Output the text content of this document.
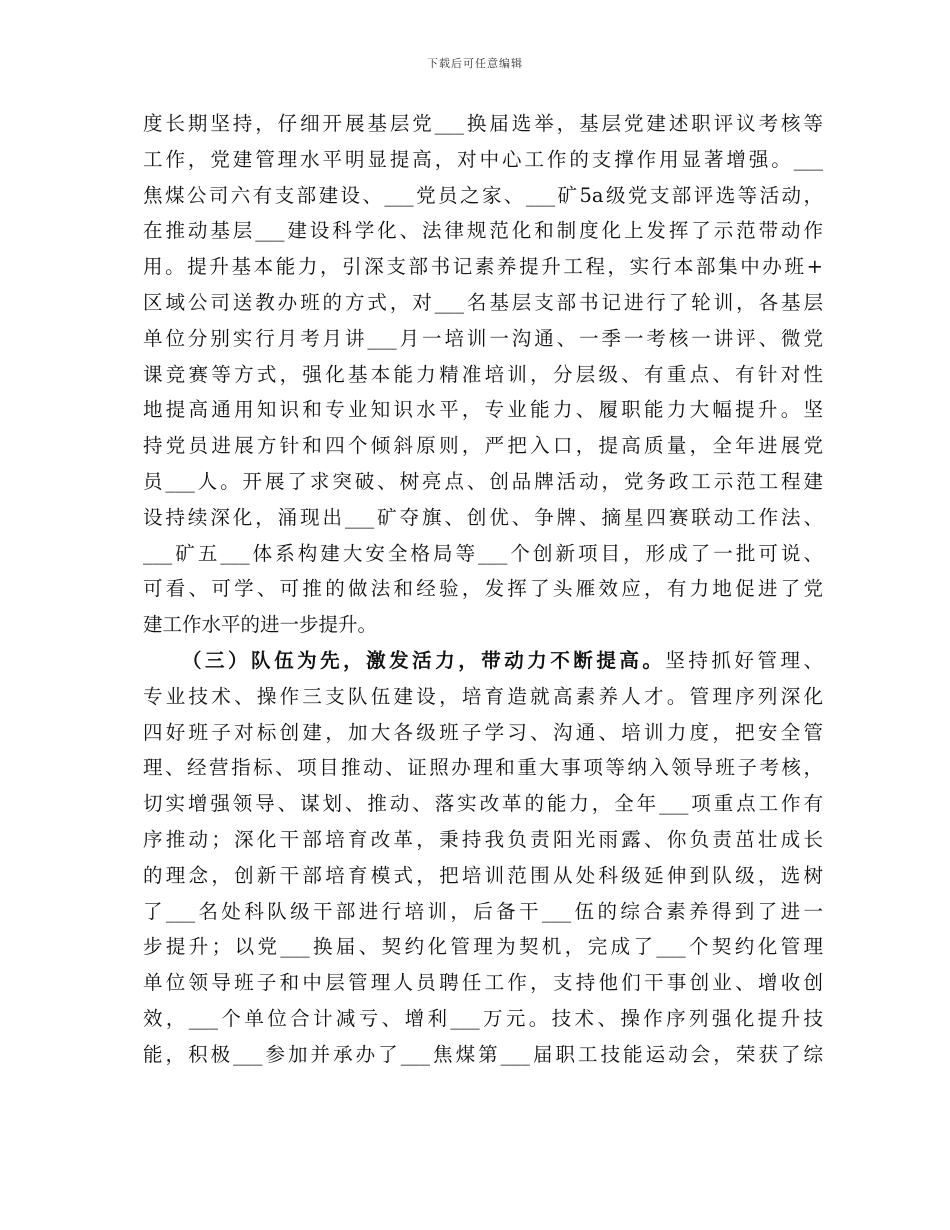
下载后可任意编辑
度长期坚持，仔细开展基层党___换届选举，基层党建述职评议考核等
工作，党建管理水平明显提高，对中心工作的支撑作用显著增强。___
焦煤公司六有支部建设、___党员之家、___矿5a级党支部评选等活动，
在推动基层___建设科学化、法律规范化和制度化上发挥了示范带动作
用。提升基本能力，引深支部书记素养提升工程，实行本部集中办班+
区域公司送教办班的方式，对___名基层支部书记进行了轮训，各基层
单位分别实行月考月讲___月一培训一沟通、一季一考核一讲评、微党
课竞赛等方式，强化基本能力精准培训，分层级、有重点、有针对性
地提高通用知识和专业知识水平，专业能力、履职能力大幅提升。坚
持党员进展方针和四个倾斜原则，严把入口，提高质量，全年进展党
员___人。开展了求突破、树亮点、创品牌活动，党务政工示范工程建
设持续深化，涌现出___矿夺旗、创优、争牌、摘星四赛联动工作法、
___矿五___体系构建大安全格局等___个创新项目，形成了一批可说、
可看、可学、可推的做法和经验，发挥了头雁效应，有力地促进了党
建工作水平的进一步提升。
（三）队伍为先，激发活力，带动力不断提高。坚持抓好管理、
专业技术、操作三支队伍建设，培育造就高素养人才。管理序列深化
四好班子对标创建，加大各级班子学习、沟通、培训力度，把安全管
理、经营指标、项目推动、证照办理和重大事项等纳入领导班子考核，
切实增强领导、谋划、推动、落实改革的能力，全年___项重点工作有
序推动；深化干部培育改革，秉持我负责阳光雨露、你负责茁壮成长
的理念，创新干部培育模式，把培训范围从处科级延伸到队级，选树
了___名处科队级干部进行培训，后备干___伍的综合素养得到了进一
步提升；以党___换届、契约化管理为契机，完成了___个契约化管理
单位领导班子和中层管理人员聘任工作，支持他们干事创业、增收创
效，___个单位合计减亏、增利___万元。技术、操作序列强化提升技
能，积极___参加并承办了___焦煤第___届职工技能运动会，荣获了综
